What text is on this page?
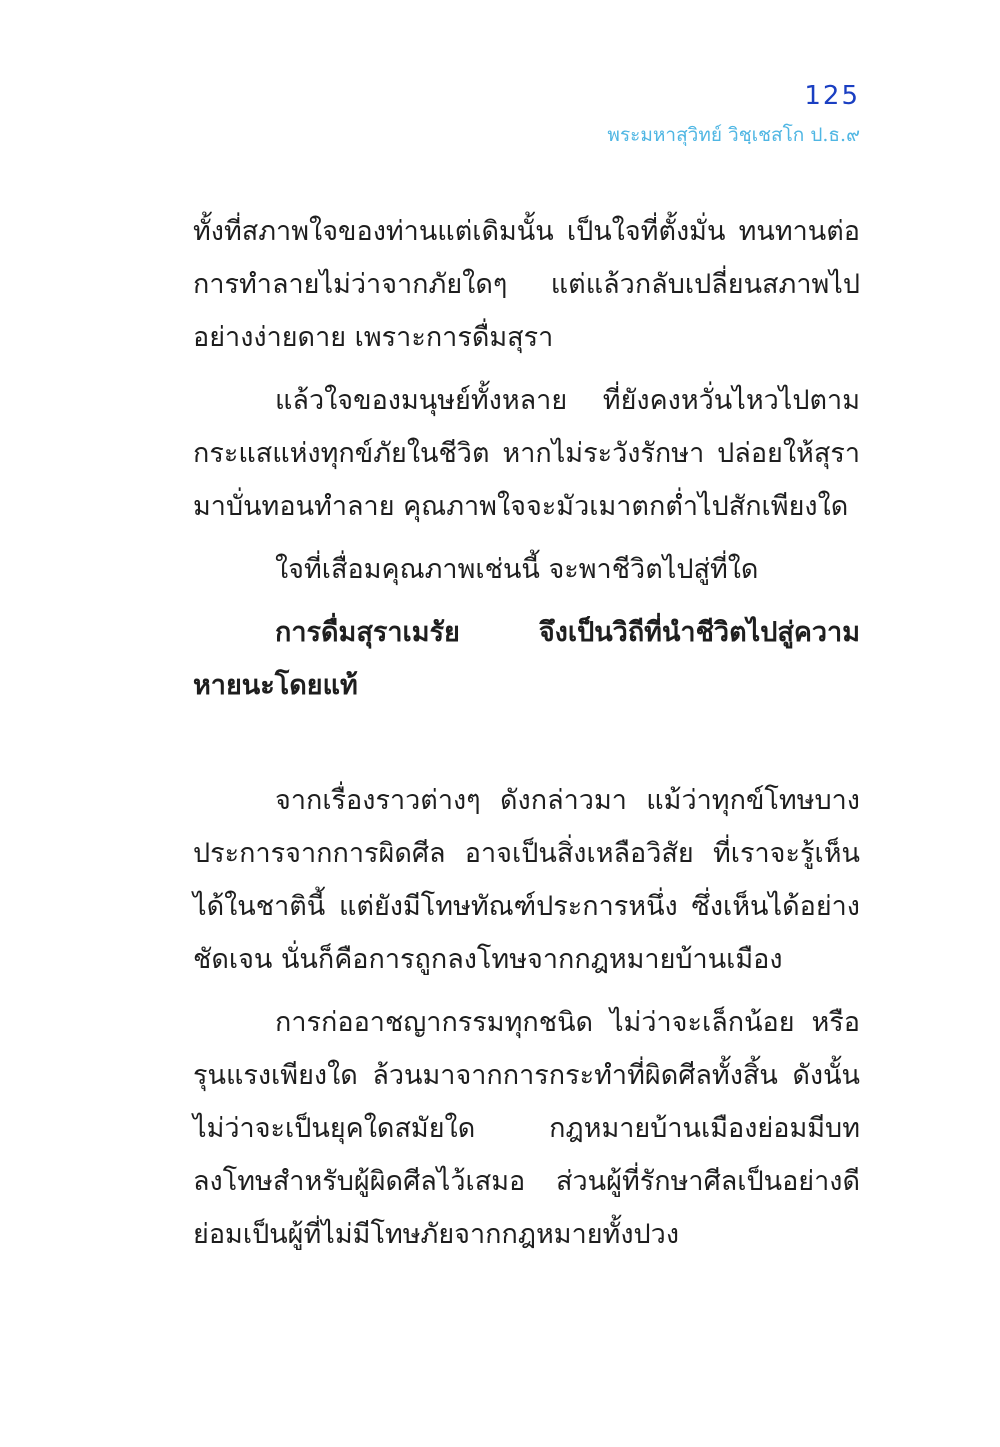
125
พระมหาสุวิทย์ วิชฺเชสโก ป.ธ.๙

ทั้งที่สภาพใจของท่านแต่เดิมนั้น เป็นใจที่ตั้งมั่น ทนทานต่อการทำลายไม่ว่าจากภัยใดๆ แต่แล้วกลับเปลี่ยนสภาพไปอย่างง่ายดาย เพราะการดื่มสุรา

แล้วใจของมนุษย์ทั้งหลาย ที่ยังคงหวั่นไหวไปตามกระแสแห่งทุกข์ภัยในชีวิต หากไม่ระวังรักษา ปล่อยให้สุรามาบั่นทอนทำลาย คุณภาพใจจะมัวเมาตกต่ำไปสักเพียงใด

ใจที่เสื่อมคุณภาพเช่นนี้ จะพาชีวิตไปสู่ที่ใด

การดื่มสุราเมรัย จึงเป็นวิถีที่นำชีวิตไปสู่ความหายนะโดยแท้

จากเรื่องราวต่างๆ ดังกล่าวมา แม้ว่าทุกข์โทษบางประการจากการผิดศีล อาจเป็นสิ่งเหลือวิสัย ที่เราจะรู้เห็นได้ในชาตินี้ แต่ยังมีโทษทัณฑ์ประการหนึ่ง ซึ่งเห็นได้อย่างชัดเจน นั่นก็คือการถูกลงโทษจากกฎหมายบ้านเมือง

การก่ออาชญากรรมทุกชนิด ไม่ว่าจะเล็กน้อย หรือรุนแรงเพียงใด ล้วนมาจากการกระทำที่ผิดศีลทั้งสิ้น ดังนั้นไม่ว่าจะเป็นยุคใดสมัยใด กฎหมายบ้านเมืองย่อมมีบทลงโทษสำหรับผู้ผิดศีลไว้เสมอ ส่วนผู้ที่รักษาศีลเป็นอย่างดี ย่อมเป็นผู้ที่ไม่มีโทษภัยจากกฎหมายทั้งปวง
